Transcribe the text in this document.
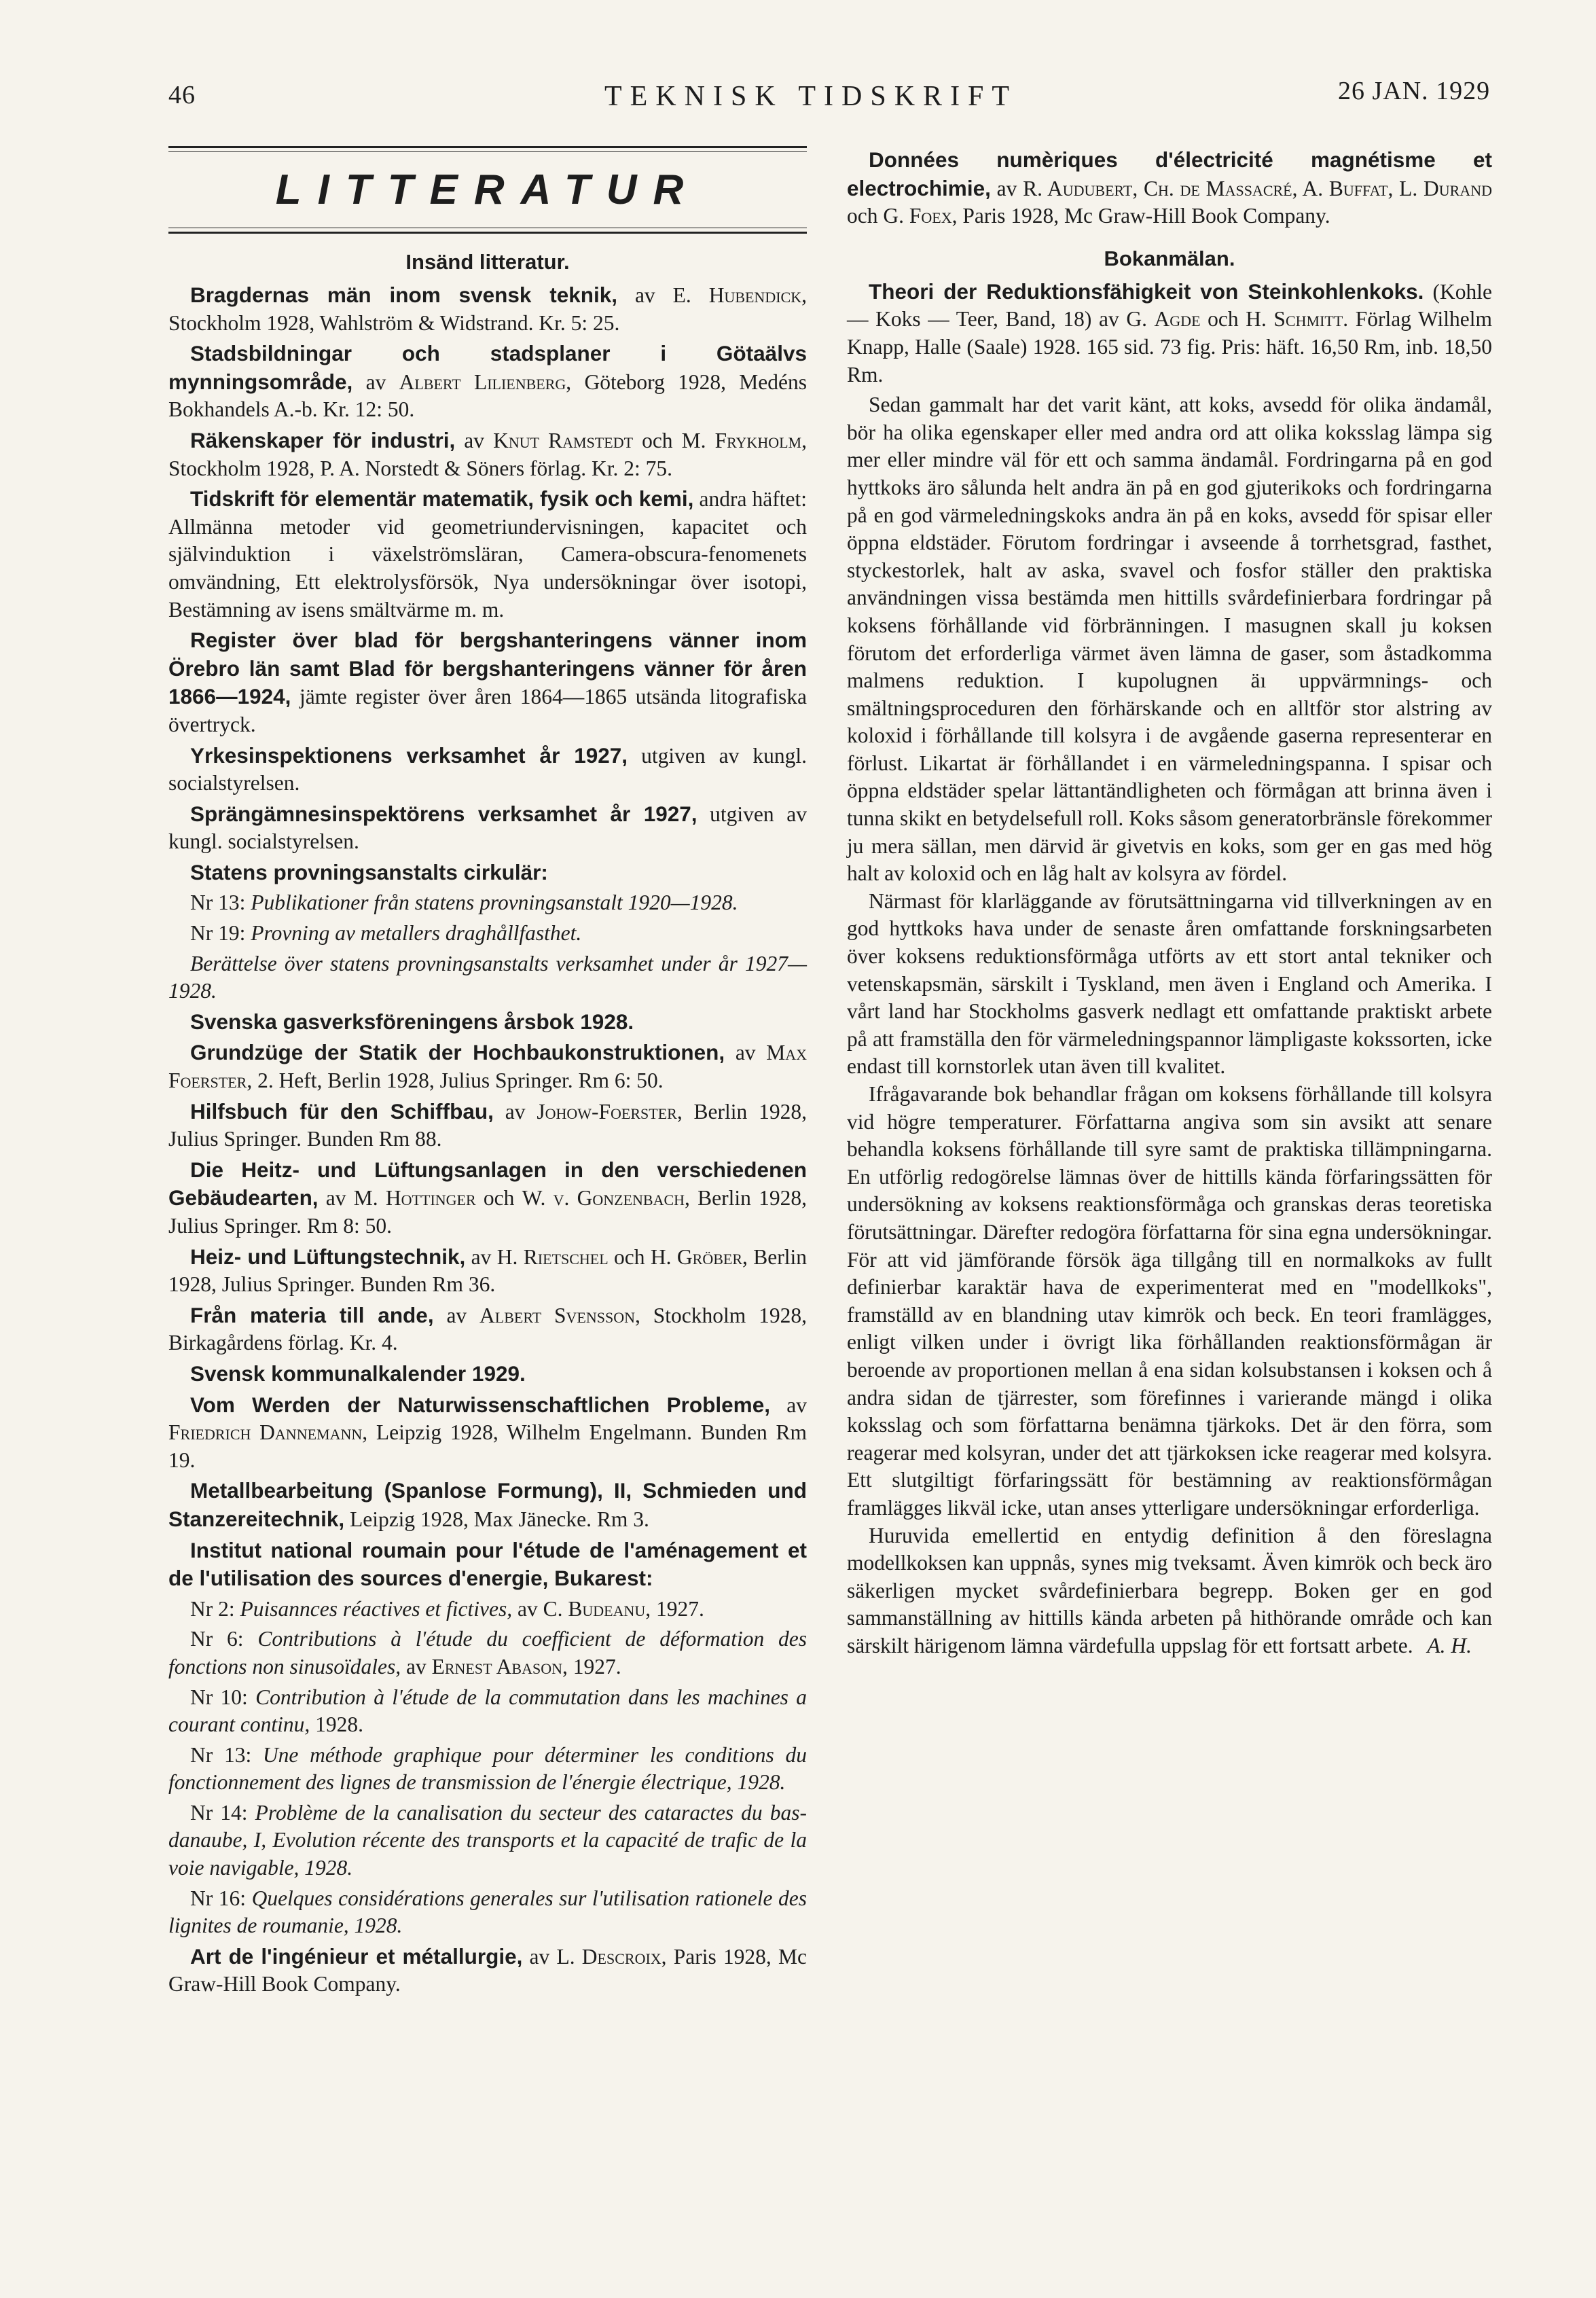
46	TEKNISK TIDSKRIFT	26 JAN. 1929
LITTERATUR
Insänd litteratur.

Bragdernas män inom svensk teknik, av E. Hubendick, Stockholm 1928, Wahlström & Widstrand. Kr. 5: 25.

Stadsbildningar och stadsplaner i Götaälvs mynningsområde, av Albert Lilienberg, Göteborg 1928, Medéns Bokhandels A.-b. Kr. 12: 50.

Räkenskaper för industri, av Knut Ramstedt och M. Frykholm, Stockholm 1928, P. A. Norstedt & Söners förlag. Kr. 2: 75.

Tidskrift för elementär matematik, fysik och kemi, andra häftet: Allmänna metoder vid geometriundervisningen, kapacitet och självinduktion i växelströmsläran, Camera-obscura-fenomenets omvändning, Ett elektrolysförsök, Nya undersökningar över isotopi, Bestämning av isens smältvärme m. m.

Register över blad för bergshanteringens vänner inom Örebro län samt Blad för bergshanteringens vänner för åren 1866—1924, jämte register över åren 1864—1865 utsända litografiska övertryck.

Yrkesinspektionens verksamhet år 1927, utgiven av kungl. socialstyrelsen.

Sprängämnesinspektörens verksamhet år 1927, utgiven av kungl. socialstyrelsen.

Statens provningsanstalts cirkulär:

Nr 13: Publikationer från statens provningsanstalt 1920—1928.

Nr 19: Provning av metallers draghållfasthet.

Berättelse över statens provningsanstalts verksamhet under år 1927—1928.

Svenska gasverksföreningens årsbok 1928.

Grundzüge der Statik der Hochbaukonstruktionen, av Max Foerster, 2. Heft, Berlin 1928, Julius Springer. Rm 6: 50.

Hilfsbuch für den Schiffbau, av Johow-Foerster, Berlin 1928, Julius Springer. Bunden Rm 88.

Die Heitz- und Lüftungsanlagen in den verschiedenen Gebäudearten, av M. Hottinger och W. v. Gonzenbach, Berlin 1928, Julius Springer. Rm 8: 50.

Heiz- und Lüftungstechnik, av H. Rietschel och H. Gröber, Berlin 1928, Julius Springer. Bunden Rm 36.

Från materia till ande, av Albert Svensson, Stockholm 1928, Birkagårdens förlag. Kr. 4.

Svensk kommunalkalender 1929.

Vom Werden der Naturwissenschaftlichen Probleme, av Friedrich Dannemann, Leipzig 1928, Wilhelm Engelmann. Bunden Rm 19.

Metallbearbeitung (Spanlose Formung), II, Schmieden und Stanzereitechnik, Leipzig 1928, Max Jänecke. Rm 3.

Institut national roumain pour l'étude de l'aménagement et de l'utilisation des sources d'energie, Bukarest:

Nr 2: Puisannces réactives et fictives, av C. Budeanu, 1927.

Nr 6: Contributions à l'étude du coefficient de déformation des fonctions non sinusoïdales, av Ernest Abason, 1927.

Nr 10: Contribution à l'étude de la commutation dans les machines a courant continu, 1928.

Nr 13: Une méthode graphique pour déterminer les conditions du fonctionnement des lignes de transmission de l'énergie électrique, 1928.

Nr 14: Problème de la canalisation du secteur des cataractes du bas- danaube, I, Evolution récente des transports et la capacité de trafic de la voie navigable, 1928.

Nr 16: Quelques considérations generales sur l'utilisation rationele des lignites de roumanie, 1928.

Art de l'ingénieur et métallurgie, av L. Descroix, Paris 1928, Mc Graw-Hill Book Company.

Données numèriques d'électricité magnétisme et electrochimie, av R. Audubert, Ch. de Massacré, A. Buffat, L. Durand och G. Foex, Paris 1928, Mc Graw-Hill Book Company.

Bokanmälan.

Theori der Reduktionsfähigkeit von Steinkohlenkoks. (Kohle — Koks — Teer, Band, 18) av G. Agde och H. Schmitt. Förlag Wilhelm Knapp, Halle (Saale) 1928. 165 sid. 73 fig. Pris: häft. 16,50 Rm, inb. 18,50 Rm.

Sedan gammalt har det varit känt, att koks, avsedd för olika ändamål, bör ha olika egenskaper eller med andra ord att olika koksslag lämpa sig mer eller mindre väl för ett och samma ändamål. Fordringarna på en god hyttkoks äro sålunda helt andra än på en god gjuterikoks och fordringarna på en god värmeledningskoks andra än på en koks, avsedd för spisar eller öppna eldstäder. Förutom fordringar i avseende å torrhetsgrad, fasthet, styckestorlek, halt av aska, svavel och fosfor ställer den praktiska användningen vissa bestämda men hittills svårdefinierbara fordringar på koksens förhållande vid förbränningen. I masugnen skall ju koksen förutom det erforderliga värmet även lämna de gaser, som åstadkomma malmens reduktion. I kupolugnen äı uppvärmnings- och smältningsproceduren den förhärskande och en alltför stor alstring av koloxid i förhållande till kolsyra i de avgående gaserna representerar en förlust. Likartat är förhållandet i en värmeledningspanna. I spisar och öppna eldstäder spelar lättantändligheten och förmågan att brinna även i tunna skikt en betydelsefull roll. Koks såsom generatorbränsle förekommer ju mera sällan, men därvid är givetvis en koks, som ger en gas med hög halt av koloxid och en låg halt av kolsyra av fördel.

Närmast för klarläggande av förutsättningarna vid tillverkningen av en god hyttkoks hava under de senaste åren omfattande forskningsarbeten över koksens reduktionsförmåga utförts av ett stort antal tekniker och vetenskapsmän, särskilt i Tyskland, men även i England och Amerika. I vårt land har Stockholms gasverk nedlagt ett omfattande praktiskt arbete på att framställa den för värmeledningspannor lämpligaste kokssorten, icke endast till kornstorlek utan även till kvalitet.

Ifrågavarande bok behandlar frågan om koksens förhållande till kolsyra vid högre temperaturer. Författarna angiva som sin avsikt att senare behandla koksens förhållande till syre samt de praktiska tillämpningarna. En utförlig redogörelse lämnas över de hittills kända förfaringssätten för undersökning av koksens reaktionsförmåga och granskas deras teoretiska förutsättningar. Därefter redogöra författarna för sina egna undersökningar. För att vid jämförande försök äga tillgång till en normalkoks av fullt definierbar karaktär hava de experimenterat med en "modellkoks", framställd av en blandning utav kimrök och beck. En teori framlägges, enligt vilken under i övrigt lika förhållanden reaktionsförmågan är beroende av proportionen mellan å ena sidan kolsubstansen i koksen och å andra sidan de tjärrester, som förefinnes i varierande mängd i olika koksslag och som författarna benämna tjärkoks. Det är den förra, som reagerar med kolsyran, under det att tjärkoksen icke reagerar med kolsyra. Ett slutgiltigt förfaringssätt för bestämning av reaktionsförmågan framlägges likväl icke, utan anses ytterligare undersökningar erforderliga.

Huruvida emellertid en entydig definition å den föreslagna modellkoksen kan uppnås, synes mig tveksamt. Även kimrök och beck äro säkerligen mycket svårdefinierbara begrepp. Boken ger en god sammanställning av hittills kända arbeten på hithörande område och kan särskilt härigenom lämna värdefulla uppslag för ett fortsatt arbete. A. H.
